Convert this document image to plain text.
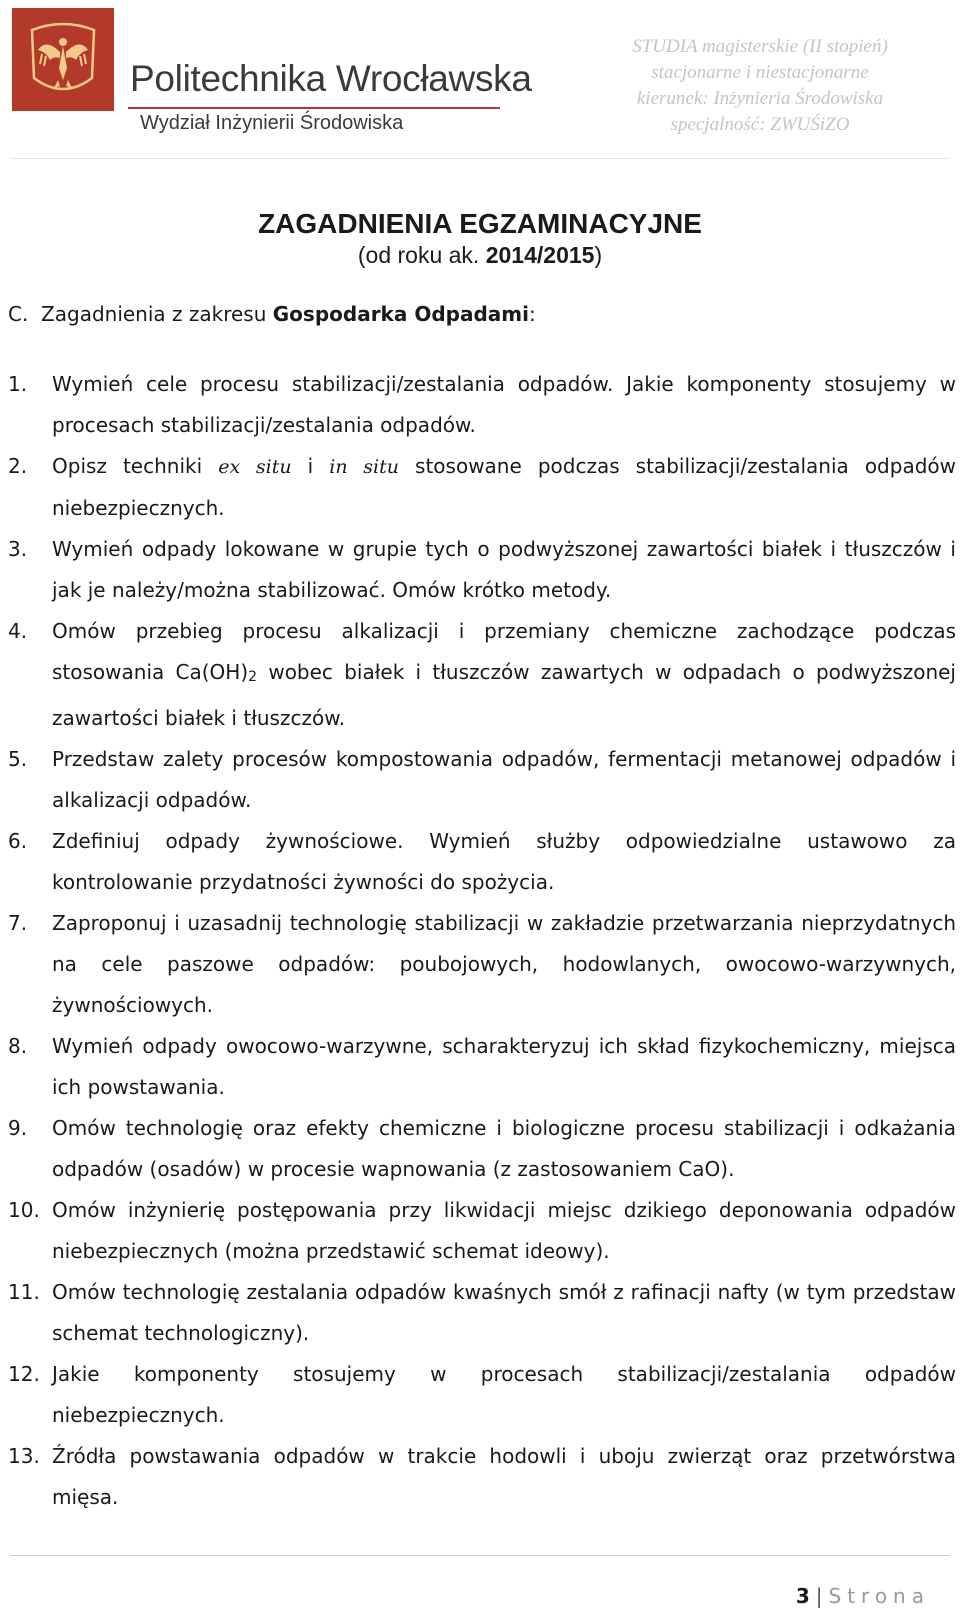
Politechnika Wrocławska
Wydział Inżynierii Środowiska
STUDIA magisterskie (II stopień)
stacjonarne i niestacjonarne
kierunek: Inżynieria Środowiska
specjalność: ZWUŚiZO
ZAGADNIENIA EGZAMINACYJNE
(od roku ak. 2014/2015)
C.  Zagadnienia z zakresu Gospodarka Odpadami:
1. Wymień cele procesu stabilizacji/zestalania odpadów. Jakie komponenty stosujemy w procesach stabilizacji/zestalania odpadów.
2. Opisz techniki ex situ i in situ stosowane podczas stabilizacji/zestalania odpadów niebezpiecznych.
3. Wymień odpady lokowane w grupie tych o podwyższonej zawartości białek i tłuszczów i jak je należy/można stabilizować. Omów krótko metody.
4. Omów przebieg procesu alkalizacji i przemiany chemiczne zachodzące podczas stosowania $Ca(OH)_2$ wobec białek i tłuszczów zawartych w odpadach o podwyższonej zawartości białek i tłuszczów.
5. Przedstaw zalety procesów kompostowania odpadów, fermentacji metanowej odpadów i alkalizacji odpadów.
6. Zdefiniuj odpady żywnościowe. Wymień służby odpowiedzialne ustawowo za kontrolowanie przydatności żywności do spożycia.
7. Zaproponuj i uzasadnij technologię stabilizacji w zakładzie przetwarzania nieprzydatnych na cele paszowe odpadów: poubojowych, hodowlanych, owocowo-warzywnych, żywnościowych.
8. Wymień odpady owocowo-warzywne, scharakteryzuj ich skład fizykochemiczny, miejsca ich powstawania.
9. Omów technologię oraz efekty chemiczne i biologiczne procesu stabilizacji i odkażania odpadów (osadów) w procesie wapnowania (z zastosowaniem CaO).
10. Omów inżynierię postępowania przy likwidacji miejsc dzikiego deponowania odpadów niebezpiecznych (można przedstawić schemat ideowy).
11. Omów technologię zestalania odpadów kwaśnych smół z rafinacji nafty (w tym przedstaw schemat technologiczny).
12. Jakie komponenty stosujemy w procesach stabilizacji/zestalania odpadów niebezpiecznych.
13. Źródła powstawania odpadów w trakcie hodowli i uboju zwierząt oraz przetwórstwa mięsa.
3 | Strona
